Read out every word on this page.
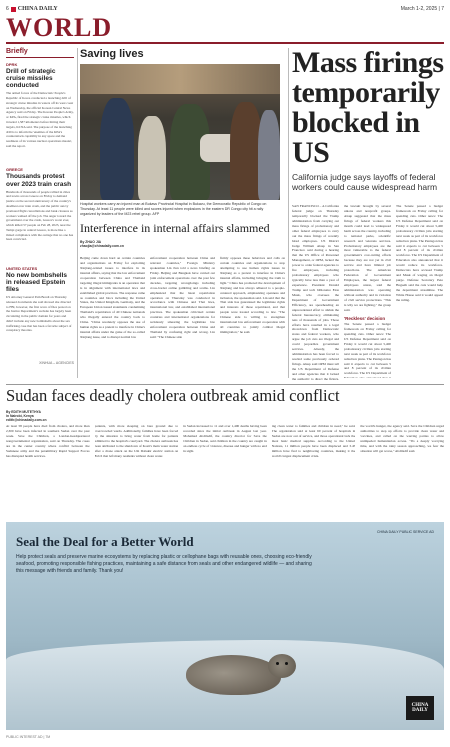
6 CHINA DAILY	March 1-2, 2025 | 7
WORLD
Briefly
DPRK
Drill of strategic cruise missiles conducted
The armed forces of the Democratic People's Republic of Korea conducted a launching drill of strategic cruise missiles in waters off its west coast on Wednesday, the official Korean Central News Agency said on Friday. The Korean People's Army, or KPA, fired the strategic cruise missiles, which traveled 1,587 kilometers before hitting their targets, KCNA said. The purpose of the launching drill is to inform the 'enemies of the KPA's counterattack capability in any space and the readiness of its various nuclear operations means', said the report.
GREECE
Thousands protest over 2023 train crash
Hundreds of thousands of people rallied in cities and towns across Greece on Friday to demand justice on the second anniversary of the country's deadliest ever train crash, and the public outcry promoted flight cancellations and bank closures as workers walked off the job. The anger toward the government over the crash, Greece's worst ever, which killed 57 people on Feb 28, 2023, near the Tempi gorge in central Greece, is more like a mixed compliance with the outrage that no one has been convicted.
UNITED STATES
No new bombshells in released Epstein files
US Attorney General Pam Bondi on Thursday released documents she said showed she directed to FBI, however, the first wave of files posted on the Justice Department's website has largely been circulating in the public domain for years and didn't include any new bombshells about the sex trafficking case that has been a favorite subject of conspiracy theories.
XINHUA – AGENCIES
Saving lives
Hospital workers carry an injured man at Bukavu Provincial Hospital in Bukavu, the Democratic Republic of Congo on Thursday. At least 11 people were killed and scores injured when explosions in the eastern DR Congo city hit a rally organized by leaders of the M23 rebel group. AFP
Interference in internal affairs slammed
By ZHAO JIA
zhaojia@chinadaily.com.cn
Beijing came down hard on certain countries and organizations on Friday for exploiting Xinjiang-related issues to interfere in its internal affairs, saying that the law enforcement cooperation between China and Thailand targeting illegal immigrants is an operation that is in alignment with international laws and established global practices. The response came as countries and blocs including the United States, the United Kingdom, Germany, and the European Union issued statements condemning Thailand's repatriation of 40 Chinese nationals who illegally entered the country back to China. "China resolutely opposes the use of human rights as a pretext to interfere in China's internal affairs under the guise of the so-called Xinjiang issue, and to disrupt normal law
enforcement cooperation between China and relevant countries," Foreign Ministry spokesman Lin Jian told a news briefing on Friday. Beijing and Bangkok have carried out joint enforcement operations over the past few decades, targeting wrongdoings including cross-border online gambling and scams. Lin emphasized that the latest repatriation operation on Thursday was conducted in accordance with Chinese and Thai laws, international law, and established international practices. The spokesman criticized certain countries and international organizations for recklessly smearing the legitimate law enforcement cooperation between China and Thailand by confusing right and wrong. Lin said: "The Chinese side
firmly opposes these behaviors and calls on certain countries and organizations to stop attempting to use human rights issues in Xinjiang as a pretext to interfere in China's internal affairs, including bringing the truth to light." China has promoted the development of Xinjiang and has always adhered to a people-centered approach, emphasizing openness and inclusion, the spokesman said. Lin said that the Thai side has guaranteed the legitimate rights and interests of those repatriated, and that people were treated according to law. "The Chinese side is willing to strengthen international law enforcement cooperation with all countries to jointly combat illegal immigration," he said.
Mass firings temporarily blocked in US
California judge says layoffs of federal workers could cause widespread harm
SAN FRANCISCO – A California federal judge on Thursday temporarily blocked the Trump administration from carrying out mass firings of probationary and other federal employees to carry out the mass firings of recently hired employees. US District Judge William Alsup in San Francisco said during a hearing that the US Office of Personnel Management, or OPM, lacked the power to order federal agencies to fire employees, including probationary employees who typically have less than a year of experience. President Donald Trump and tech billionaire Elon Musk, who oversees the Department of Government Efficiency, are spearheading an unprecedented effort to shrink the federal bureaucracy, eliminating tens of thousands of jobs. Those efforts have resulted in a legal showdown from Democratic states and federal workers, who argue the job cuts are illegal and could jeopardize government services. Already, the administration has been forced to rescind some previously ordered firings. Alsup said OPM must tell the US Department of Defense and other agencies that it lacked the authority to direct the firings.
the lawsuit brought by several unions and nonprofit groups. Alsup suggested that the mass firings of federal workers this month could lead to widespread harm across the country, including to national parks, scientific research and veterans services. Probationary employees are the most vulnerable to the federal government's cost-cutting efforts because they are not yet in civil service and have limited job protections. The American Federation of Government Employees, the largest federal employees union, said the administration was operating without authority and in violation of civil service protections. "This is why we are fighting," the group said.
'Reckless' decision
The Senate passed a budget framework on Friday calling for spending cuts. Other news: The US Defense Department said on Friday it would cut about 5,400 probationary civilian jobs starting next week as part of its workforce reduction plans. The Pentagon has said it expects to cut between 5 and 8 percent of its civilian workforce. The US Department of
The Senate passed a budget framework on Friday calling for spending cuts. Other news: The US Defense Department said on Friday it would cut about 5,400 probationary civilian jobs starting next week as part of its workforce reduction plans. The Pentagon has said it expects to cut between 5 and 8 percent of its civilian workforce. The US Department of Education also announced that it would reduce its workforce. Democrats have accused Trump and Musk of waging an illegal purge. Defense Secretary Pete Hegseth said the cuts would help the department streamline. The White House said it would appeal the ruling.
Sudan faces deadly cholera outbreak amid conflict
By EDITH MUTETHYA
in Nairobi, Kenya
edith@chinadaily.com.cn
At least 58 people have died from cholera, and more than 2,300 have been infected in southern Sudan over the past week. Save the Children, a London-headquartered nongovernmental organization, said on Thursday. The cases are in the center country where conflict between the Sudanese army and the paramilitary Rapid Support Forces has disrupted health services.
patients, with more sleeping on bare ground due to overcrowded wards. Additionally, families have been forced by the situation to bring water from home for patients admitted to the hospital's courtyard. The cholera outbreak has been attributed to the shutdown of Kosti's main water station after a drone attack on the Um Dabakir electric station on Feb 6 that left many residents without clean water.
in Sudan increased to 11 and over 1,400 deaths having been recorded since the initial outbreak in August last year. Mohamed Abdiladif, the country director for Save the Children in Sudan, said children in the country are caught in an endless cycle of violence, disease and hunger with no end in sight.
ing clean water to families and children in need," he said. The organization said at least 60 percent of hospitals in Sudan are now out of service, and those operational lack the most basic medical supplies. According to the United Nations, 11 million people have been displaced and 3.45 million have fled to neighboring countries, making it the world's largest displacement crisis.
the world's hunger, the agency said. Save the Children urged authorities to step up efforts to provide clean water and vaccines, and called on the warring parties to allow unimpeded humanitarian access. "It's a deeply worrying time, and with the rainy season approaching, we fear the situation will get worse," Abdiladif said.
Seal the Deal for a Better World
Help protect seals and preserve marine ecosystems by replacing plastic or cellophane bags with reusable ones, choosing eco-friendly seafood, promoting responsible fishing practices, maintaining a safe distance from seals and other endangered wildlife — and sharing this message with friends and family. Thank you!
CHINA DAILY PUBLIC SERVICE AD
CHINA DAILY
PUBLIC INTEREST AD | 7M
